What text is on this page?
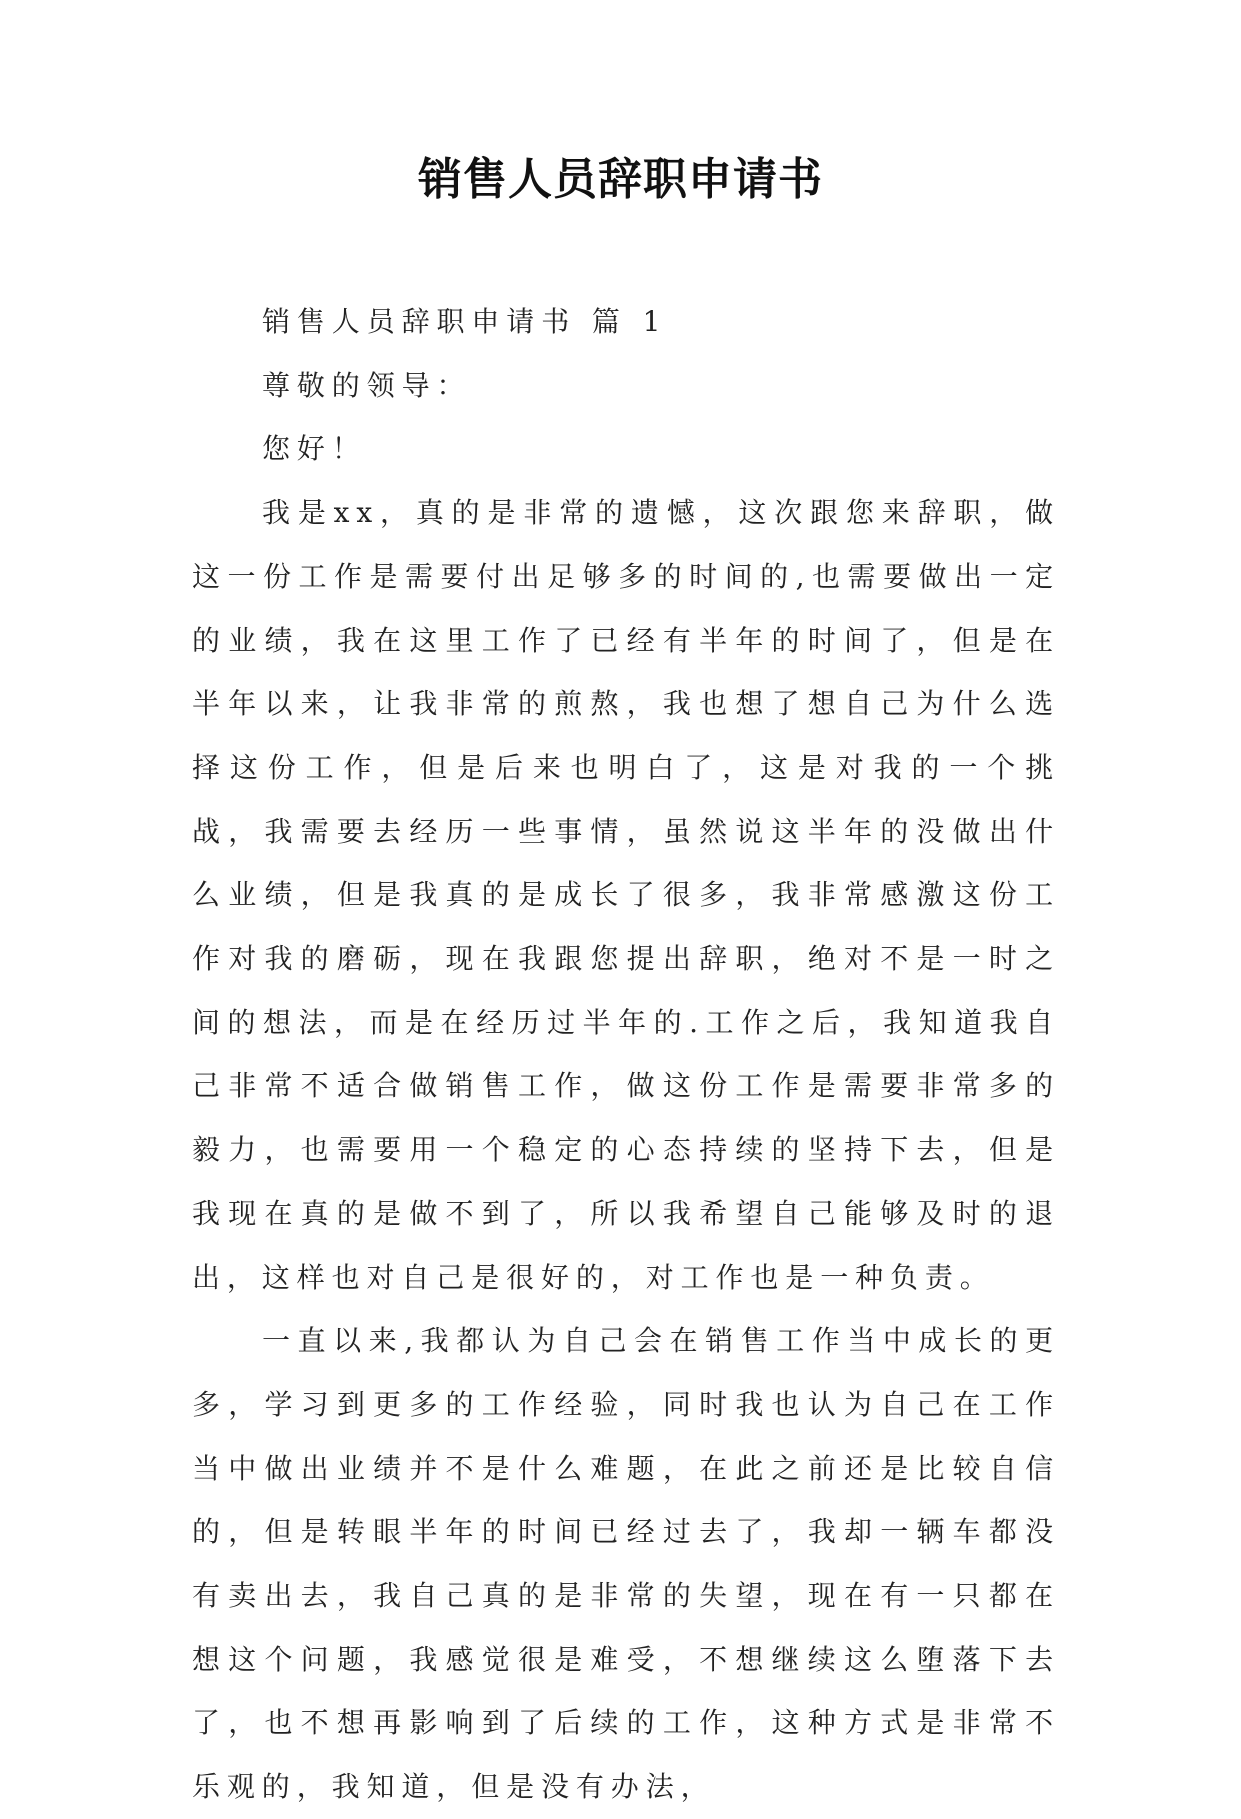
销售人员辞职申请书

销售人员辞职申请书 篇 1

尊敬的领导：

您好！

我是xx，真的是非常的遗憾，这次跟您来辞职，做这一份工作是需要付出足够多的时间的,也需要做出一定的业绩，我在这里工作了已经有半年的时间了，但是在半年以来，让我非常的煎熬，我也想了想自己为什么选择这份工作，但是后来也明白了，这是对我的一个挑战，我需要去经历一些事情，虽然说这半年的没做出什么业绩，但是我真的是成长了很多，我非常感激这份工作对我的磨砺，现在我跟您提出辞职，绝对不是一时之间的想法，而是在经历过半年的.工作之后，我知道我自己非常不适合做销售工作，做这份工作是需要非常多的毅力，也需要用一个稳定的心态持续的坚持下去，但是我现在真的是做不到了，所以我希望自己能够及时的退出，这样也对自己是很好的，对工作也是一种负责。

一直以来,我都认为自己会在销售工作当中成长的更多，学习到更多的工作经验，同时我也认为自己在工作当中做出业绩并不是什么难题，在此之前还是比较自信的，但是转眼半年的时间已经过去了，我却一辆车都没有卖出去，我自己真的是非常的失望，现在有一只都在想这个问题，我感觉很是难受，不想继续这么堕落下去了，也不想再影响到了后续的工作，这种方式是非常不乐观的，我知道，但是没有办法，
